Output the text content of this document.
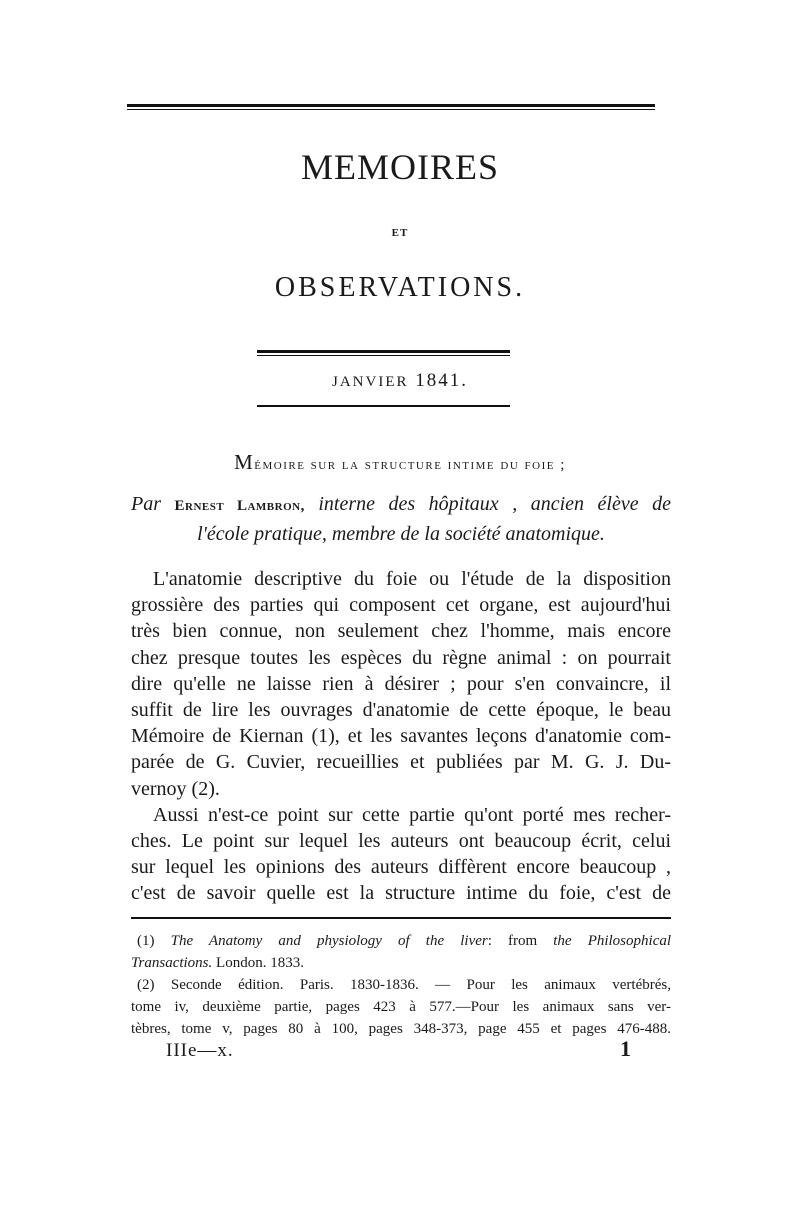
MEMOIRES
ET
OBSERVATIONS.
JANVIER 1841.
Mémoire sur la structure intime du foie ;
Par Ernest Lambron, interne des hôpitaux , ancien élève de
l'école pratique, membre de la société anatomique.
L'anatomie descriptive du foie ou l'étude de la disposition
grossière des parties qui composent cet organe, est aujourd'hui
très bien connue, non seulement chez l'homme, mais encore
chez presque toutes les espèces du règne animal : on pourrait
dire qu'elle ne laisse rien à désirer ; pour s'en convaincre, il
suffit de lire les ouvrages d'anatomie de cette époque, le beau
Mémoire de Kiernan (1), et les savantes leçons d'anatomie com-
parée de G. Cuvier, recueillies et publiées par M. G. J. Du-
vernoy (2).
Aussi n'est-ce point sur cette partie qu'ont porté mes recher-
ches. Le point sur lequel les auteurs ont beaucoup écrit, celui
sur lequel les opinions des auteurs diffèrent encore beaucoup ,
c'est de savoir quelle est la structure intime du foie, c'est de
(1) The Anatomy and physiology of the liver: from the Philosophical
Transactions. London. 1833.
(2) Seconde édition. Paris. 1830-1836. — Pour les animaux vertébrés,
tome iv, deuxième partie, pages 423 à 577.—Pour les animaux sans ver-
tèbres, tome v, pages 80 à 100, pages 348-373, page 455 et pages 476-488.
IIIe—x.	1
